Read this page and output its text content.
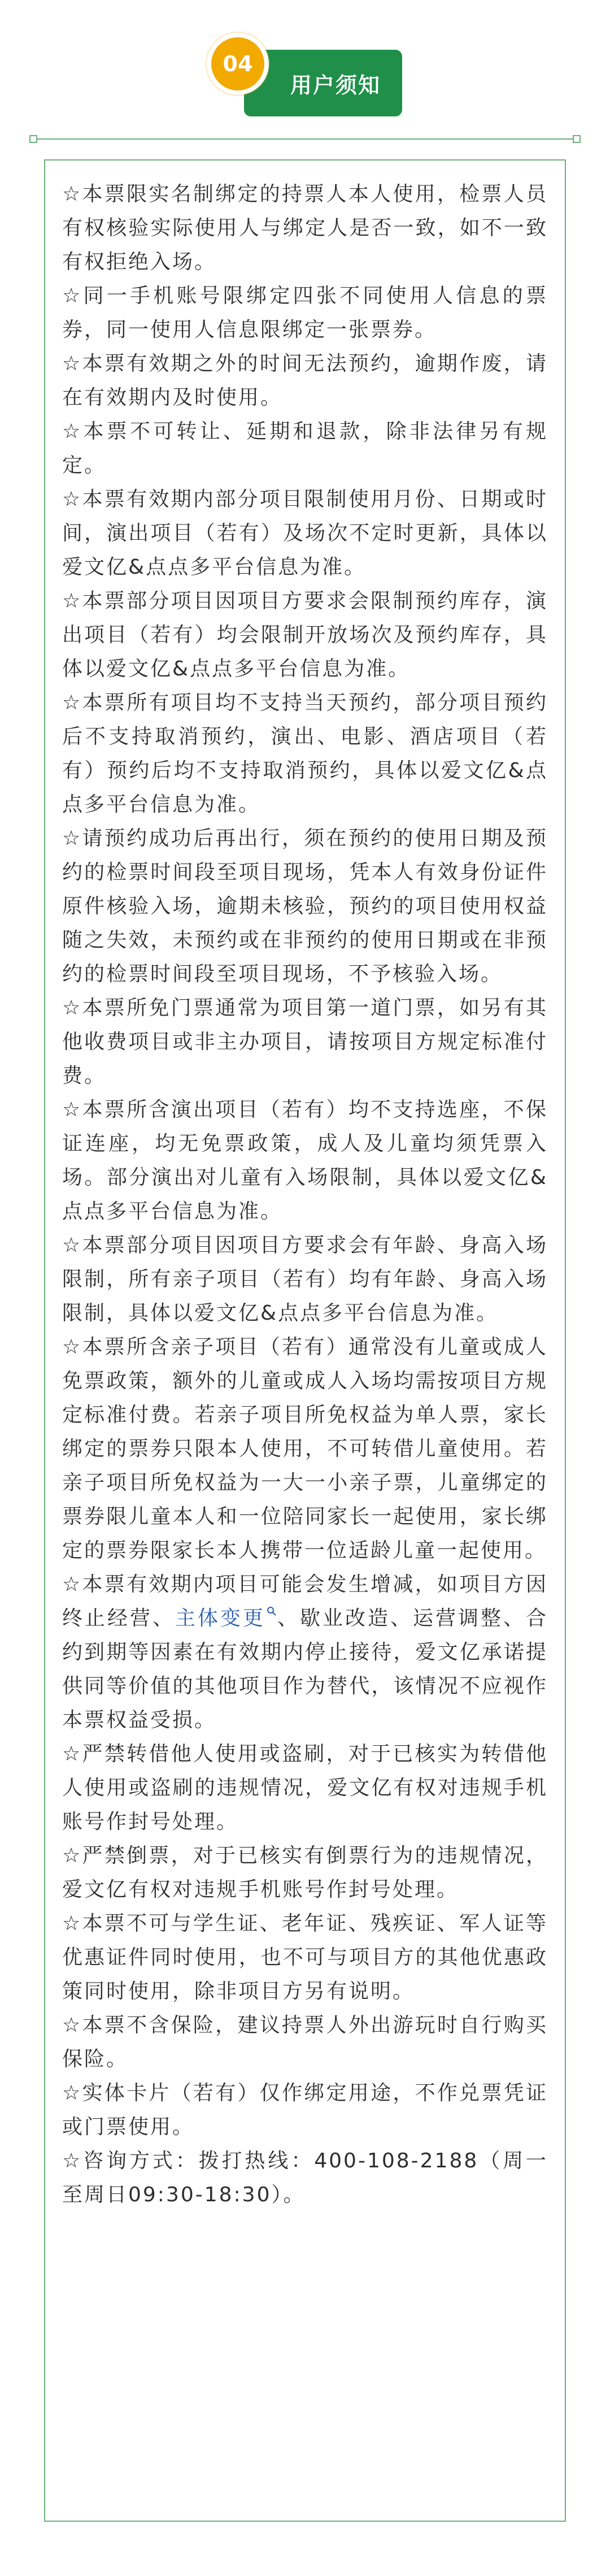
用户须知
04
☆本票限实名制绑定的持票人本人使用，检票人员有权核验实际使用人与绑定人是否一致，如不一致有权拒绝入场。
☆同一手机账号限绑定四张不同使用人信息的票券，同一使用人信息限绑定一张票券。
☆本票有效期之外的时间无法预约，逾期作废，请在有效期内及时使用。
☆本票不可转让、延期和退款，除非法律另有规定。
☆本票有效期内部分项目限制使用月份、日期或时间，演出项目（若有）及场次不定时更新，具体以爱文亿&点点多平台信息为准。
☆本票部分项目因项目方要求会限制预约库存，演出项目（若有）均会限制开放场次及预约库存，具体以爱文亿&点点多平台信息为准。
☆本票所有项目均不支持当天预约，部分项目预约后不支持取消预约，演出、电影、酒店项目（若有）预约后均不支持取消预约，具体以爱文亿&点点多平台信息为准。
☆请预约成功后再出行，须在预约的使用日期及预约的检票时间段至项目现场，凭本人有效身份证件原件核验入场，逾期未核验，预约的项目使用权益随之失效，未预约或在非预约的使用日期或在非预约的检票时间段至项目现场，不予核验入场。
☆本票所免门票通常为项目第一道门票，如另有其他收费项目或非主办项目，请按项目方规定标准付费。
☆本票所含演出项目（若有）均不支持选座，不保证连座，均无免票政策，成人及儿童均须凭票入场。部分演出对儿童有入场限制，具体以爱文亿&点点多平台信息为准。
☆本票部分项目因项目方要求会有年龄、身高入场限制，所有亲子项目（若有）均有年龄、身高入场限制，具体以爱文亿&点点多平台信息为准。
☆本票所含亲子项目（若有）通常没有儿童或成人免票政策，额外的儿童或成人入场均需按项目方规定标准付费。若亲子项目所免权益为单人票，家长绑定的票券只限本人使用，不可转借儿童使用。若亲子项目所免权益为一大一小亲子票，儿童绑定的票券限儿童本人和一位陪同家长一起使用，家长绑定的票券限家长本人携带一位适龄儿童一起使用。
☆本票有效期内项目可能会发生增减，如项目方因终止经营、主体变更 、歇业改造、运营调整、合约到期等因素在有效期内停止接待，爱文亿承诺提供同等价值的其他项目作为替代，该情况不应视作本票权益受损。
☆严禁转借他人使用或盗刷，对于已核实为转借他人使用或盗刷的违规情况，爱文亿有权对违规手机账号作封号处理。
☆严禁倒票，对于已核实有倒票行为的违规情况，爱文亿有权对违规手机账号作封号处理。
☆本票不可与学生证、老年证、残疾证、军人证等优惠证件同时使用，也不可与项目方的其他优惠政策同时使用，除非项目方另有说明。
☆本票不含保险，建议持票人外出游玩时自行购买保险。
☆实体卡片（若有）仅作绑定用途，不作兑票凭证或门票使用。
☆咨询方式：拨打热线：400-108-2188（周一至周日09:30-18:30）。
